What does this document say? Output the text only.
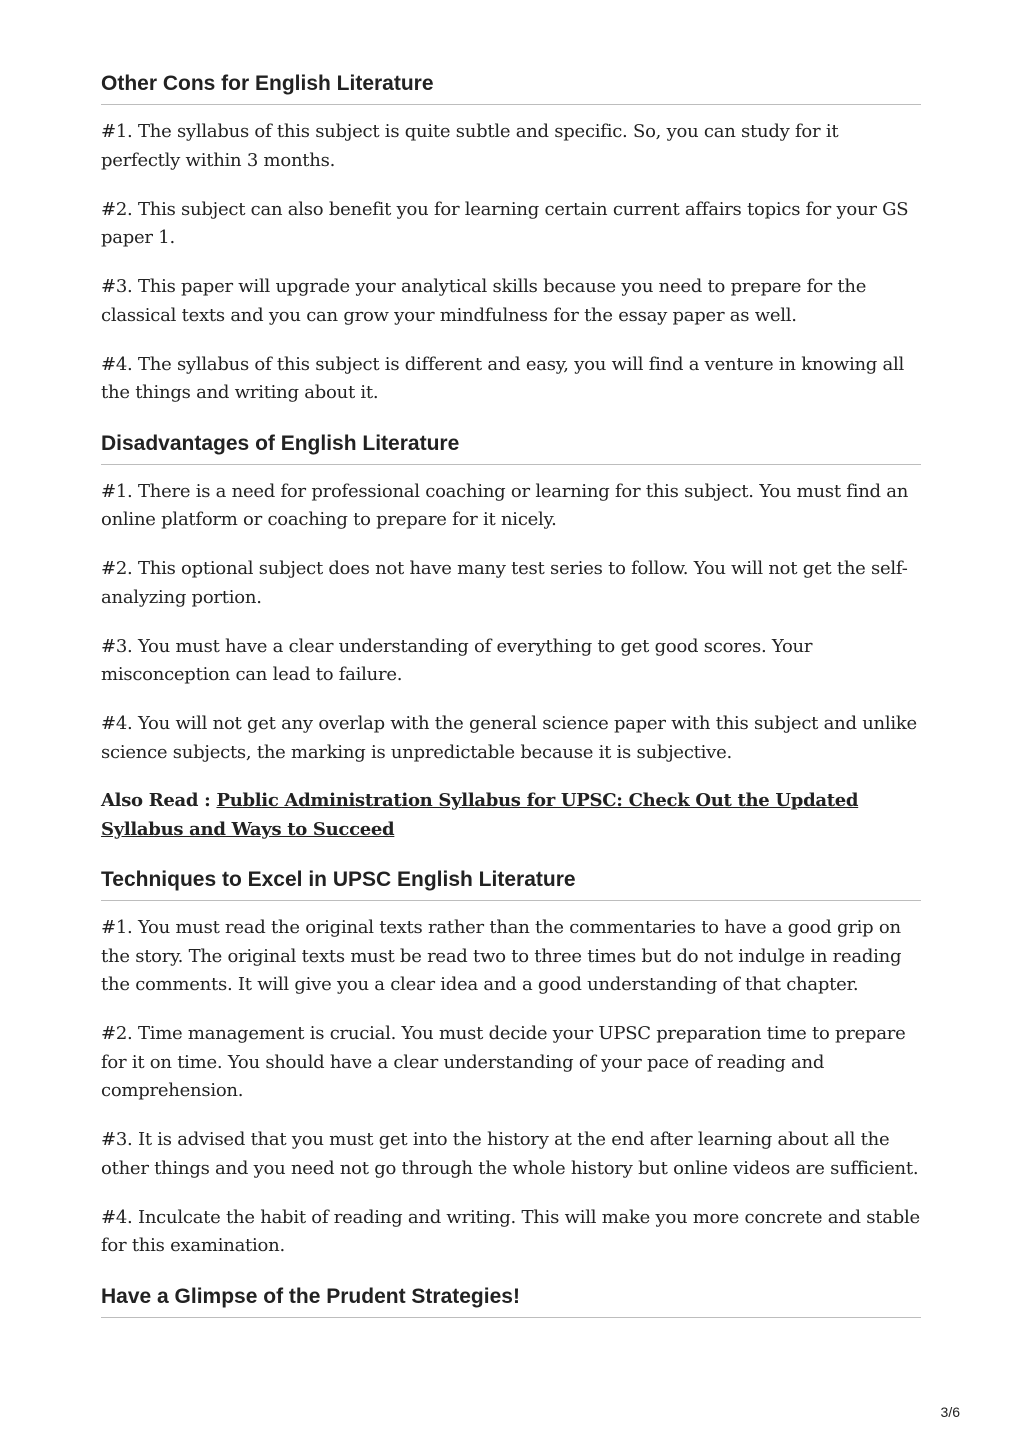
Other Cons for English Literature

#1. The syllabus of this subject is quite subtle and specific. So, you can study for it perfectly within 3 months.

#2. This subject can also benefit you for learning certain current affairs topics for your GS paper 1.

#3. This paper will upgrade your analytical skills because you need to prepare for the classical texts and you can grow your mindfulness for the essay paper as well.

#4. The syllabus of this subject is different and easy, you will find a venture in knowing all the things and writing about it.

Disadvantages of English Literature

#1. There is a need for professional coaching or learning for this subject. You must find an online platform or coaching to prepare for it nicely.

#2. This optional subject does not have many test series to follow. You will not get the self-analyzing portion.

#3. You must have a clear understanding of everything to get good scores. Your misconception can lead to failure.

#4. You will not get any overlap with the general science paper with this subject and unlike science subjects, the marking is unpredictable because it is subjective.

Also Read : Public Administration Syllabus for UPSC: Check Out the Updated Syllabus and Ways to Succeed
Techniques to Excel in UPSC English Literature

#1. You must read the original texts rather than the commentaries to have a good grip on the story. The original texts must be read two to three times but do not indulge in reading the comments. It will give you a clear idea and a good understanding of that chapter.

#2. Time management is crucial. You must decide your UPSC preparation time to prepare for it on time. You should have a clear understanding of your pace of reading and comprehension.

#3. It is advised that you must get into the history at the end after learning about all the other things and you need not go through the whole history but online videos are sufficient.

#4. Inculcate the habit of reading and writing. This will make you more concrete and stable for this examination.

Have a Glimpse of the Prudent Strategies!
3/6
